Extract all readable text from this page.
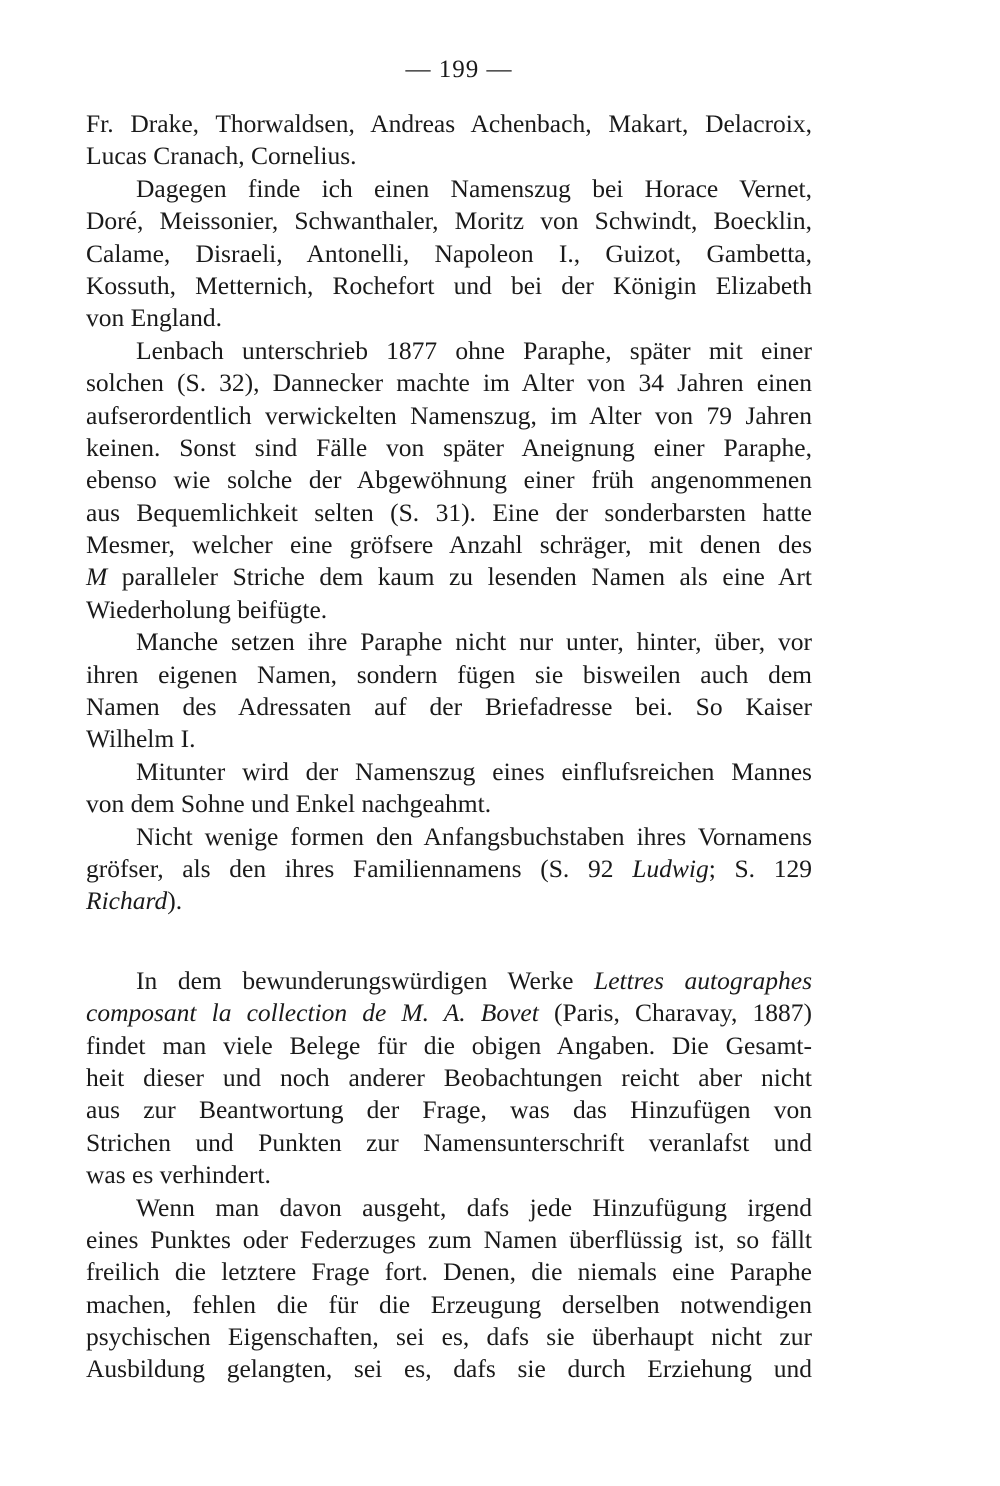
— 199 —
Fr. Drake, Thorwaldsen, Andreas Achenbach, Makart, Delacroix,
Lucas Cranach, Cornelius.
Dagegen finde ich einen Namenszug bei Horace Vernet,
Doré, Meissonier, Schwanthaler, Moritz von Schwindt, Boecklin,
Calame, Disraeli, Antonelli, Napoleon I., Guizot, Gambetta,
Kossuth, Metternich, Rochefort und bei der Königin Elizabeth
von England.
Lenbach unterschrieb 1877 ohne Paraphe, später mit einer
solchen (S. 32), Dannecker machte im Alter von 34 Jahren einen
aufserordentlich verwickelten Namenszug, im Alter von 79 Jahren
keinen. Sonst sind Fälle von später Aneignung einer Paraphe,
ebenso wie solche der Abgewöhnung einer früh angenommenen
aus Bequemlichkeit selten (S. 31). Eine der sonderbarsten hatte
Mesmer, welcher eine gröfsere Anzahl schräger, mit denen des
M paralleler Striche dem kaum zu lesenden Namen als eine Art
Wiederholung beifügte.
Manche setzen ihre Paraphe nicht nur unter, hinter, über, vor
ihren eigenen Namen, sondern fügen sie bisweilen auch dem
Namen des Adressaten auf der Briefadresse bei. So Kaiser
Wilhelm I.
Mitunter wird der Namenszug eines einflufsreichen Mannes
von dem Sohne und Enkel nachgeahmt.
Nicht wenige formen den Anfangsbuchstaben ihres Vornamens
gröfser, als den ihres Familiennamens (S. 92 Ludwig; S. 129
Richard).
In dem bewunderungswürdigen Werke Lettres autographes
composant la collection de M. A. Bovet (Paris, Charavay, 1887)
findet man viele Belege für die obigen Angaben. Die Gesamt-
heit dieser und noch anderer Beobachtungen reicht aber nicht
aus zur Beantwortung der Frage, was das Hinzufügen von
Strichen und Punkten zur Namensunterschrift veranlafst und
was es verhindert.
Wenn man davon ausgeht, dafs jede Hinzufügung irgend
eines Punktes oder Federzuges zum Namen überflüssig ist, so fällt
freilich die letztere Frage fort. Denen, die niemals eine Paraphe
machen, fehlen die für die Erzeugung derselben notwendigen
psychischen Eigenschaften, sei es, dafs sie überhaupt nicht zur
Ausbildung gelangten, sei es, dafs sie durch Erziehung und
